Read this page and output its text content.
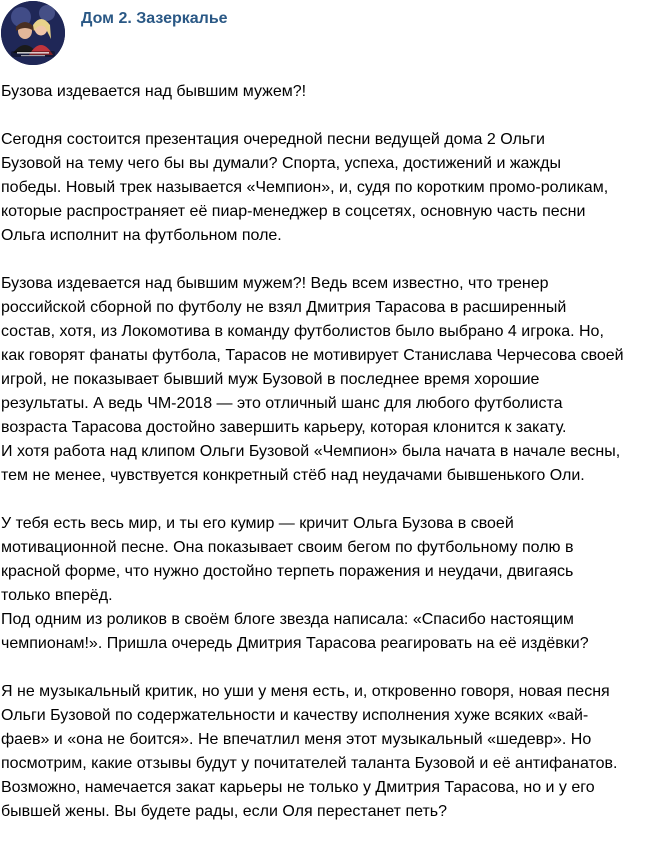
Дом 2. Зазеркалье

Бузова издевается над бывшим мужем?!

Сегодня состоится презентация очередной песни ведущей дома 2 Ольги
Бузовой на тему чего бы вы думали? Спорта, успеха, достижений и жажды
победы. Новый трек называется «Чемпион», и, судя по коротким промо-роликам,
которые распространяет её пиар-менеджер в соцсетях, основную часть песни
Ольга исполнит на футбольном поле.

Бузова издевается над бывшим мужем?! Ведь всем известно, что тренер
российской сборной по футболу не взял Дмитрия Тарасова в расширенный
состав, хотя, из Локомотива в команду футболистов было выбрано 4 игрока. Но,
как говорят фанаты футбола, Тарасов не мотивирует Станислава Черчесова своей
игрой, не показывает бывший муж Бузовой в последнее время хорошие
результаты. А ведь ЧМ-2018 — это отличный шанс для любого футболиста
возраста Тарасова достойно завершить карьеру, которая клонится к закату.
И хотя работа над клипом Ольги Бузовой «Чемпион» была начата в начале весны,
тем не менее, чувствуется конкретный стёб над неудачами бывшенького Оли.

У тебя есть весь мир, и ты его кумир — кричит Ольга Бузова в своей
мотивационной песне. Она показывает своим бегом по футбольному полю в
красной форме, что нужно достойно терпеть поражения и неудачи, двигаясь
только вперёд.
Под одним из роликов в своём блоге звезда написала: «Спасибо настоящим
чемпионам!». Пришла очередь Дмитрия Тарасова реагировать на её издёвки?

Я не музыкальный критик, но уши у меня есть, и, откровенно говоря, новая песня
Ольги Бузовой по содержательности и качеству исполнения хуже всяких «вай-
фаев» и «она не боится». Не впечатлил меня этот музыкальный «шедевр». Но
посмотрим, какие отзывы будут у почитателей таланта Бузовой и её антифанатов.
Возможно, намечается закат карьеры не только у Дмитрия Тарасова, но и у его
бывшей жены. Вы будете рады, если Оля перестанет петь?
